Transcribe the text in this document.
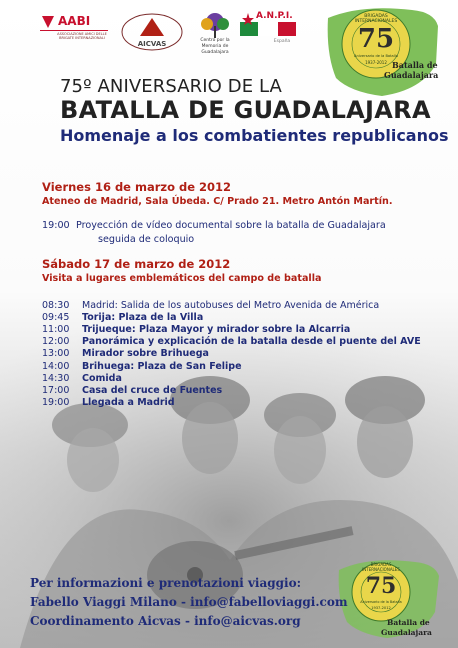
AABI
ASSOCIAZIONE AMICI DELLE BRIGATE INTERNAZIONALI
AICVAS	Centro por la Memoria de Guadalajara
A.N.P.I.
España
BRIGADAS INTERNACIONALES
75
Aniversario de la Batalla
1937-2012 Batalla de
Guadalajara
75º ANIVERSARIO DE LA
BATALLA DE GUADALAJARA
Homenaje a los combatientes republicanos
Viernes 16 de marzo de 2012
Ateneo de Madrid, Sala Úbeda. C/ Prado 21. Metro Antón Martín.
19:00 Proyección de vídeo documental sobre la batalla de Guadalajara
seguida de coloquio
Sábado 17 de marzo de 2012
Visita a lugares emblemáticos del campo de batalla
08:30	Madrid: Salida de los autobuses del Metro Avenida de América
09:45	Torija: Plaza de la Villa
11:00	Trijueque: Plaza Mayor y mirador sobre la Alcarria
12:00	Panorámica y explicación de la batalla desde el puente del AVE
13:00	Mirador sobre Brihuega
14:00	Brihuega: Plaza de San Felipe
14:30	Comida
17:00	Casa del cruce de Fuentes
19:00	Llegada a Madrid
BRIGADAS INTERNACIONALES
75
Aniversario de la Batalla
1937-2012
Batalla de
Guadalajara
Per informazioni e prenotazioni viaggio:
Fabello Viaggi Milano - info@fabelloviaggi.com
Coordinamento Aicvas - info@aicvas.org
